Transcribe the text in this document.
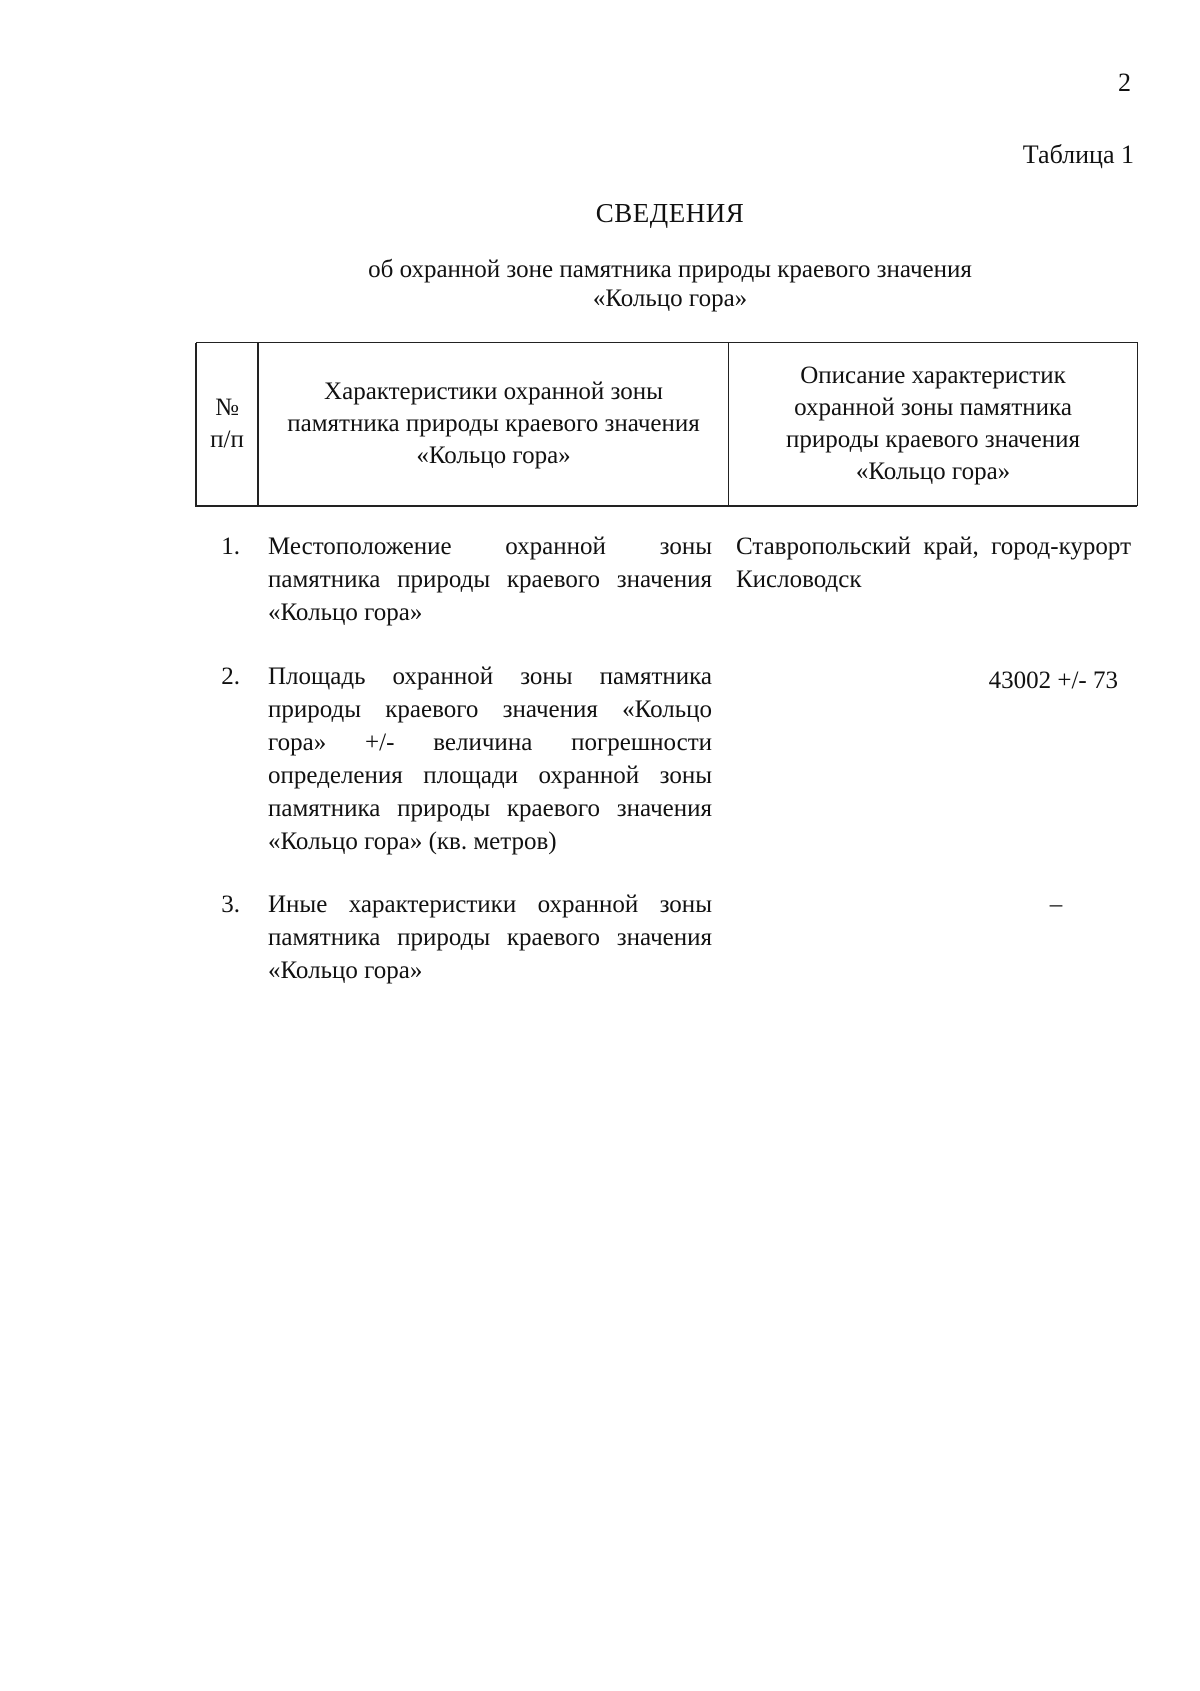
2
Таблица 1
СВЕДЕНИЯ
об охранной зоне памятника природы краевого значения
«Кольцо гора»
№
п/п
Характеристики охранной зоны памятника природы краевого значения «Кольцо гора»
Описание характеристик охранной зоны памятника природы краевого значения «Кольцо гора»
1. Местоположение охранной зоны памятника природы краевого значения «Кольцо гора»
Ставропольский край, город-курорт Кисловодск
2. Площадь охранной зоны памятника природы краевого значения «Кольцо гора» +/- величина погрешности определения площади охранной зоны памятника природы краевого значения «Кольцо гора» (кв. метров)
43002 +/- 73
3. Иные характеристики охранной зоны памятника природы краевого значения «Кольцо гора»
–
